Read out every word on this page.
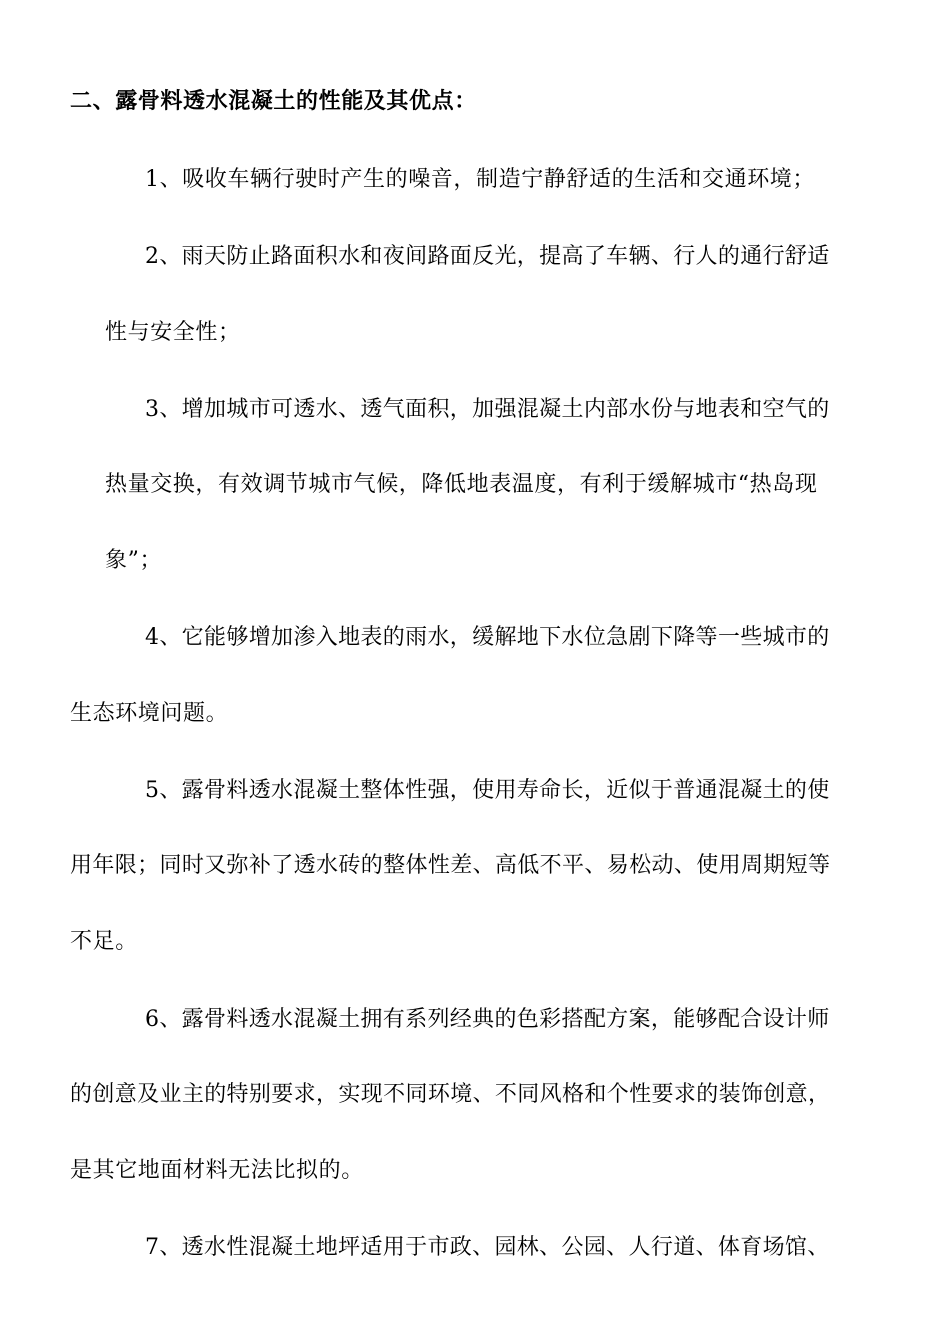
二、露骨料透水混凝土的性能及其优点：
1、吸收车辆行驶时产生的噪音，制造宁静舒适的生活和交通环境；
2、雨天防止路面积水和夜间路面反光，提高了车辆、行人的通行舒适
性与安全性；
3、增加城市可透水、透气面积，加强混凝土内部水份与地表和空气的
热量交换，有效调节城市气候，降低地表温度，有利于缓解城市“热岛现
象”；
4、它能够增加渗入地表的雨水，缓解地下水位急剧下降等一些城市的
生态环境问题。
5、露骨料透水混凝土整体性强，使用寿命长，近似于普通混凝土的使
用年限；同时又弥补了透水砖的整体性差、高低不平、易松动、使用周期短等
不足。
6、露骨料透水混凝土拥有系列经典的色彩搭配方案，能够配合设计师
的创意及业主的特别要求，实现不同环境、不同风格和个性要求的装饰创意，
是其它地面材料无法比拟的。
7、透水性混凝土地坪适用于市政、园林、公园、人行道、体育场馆、
